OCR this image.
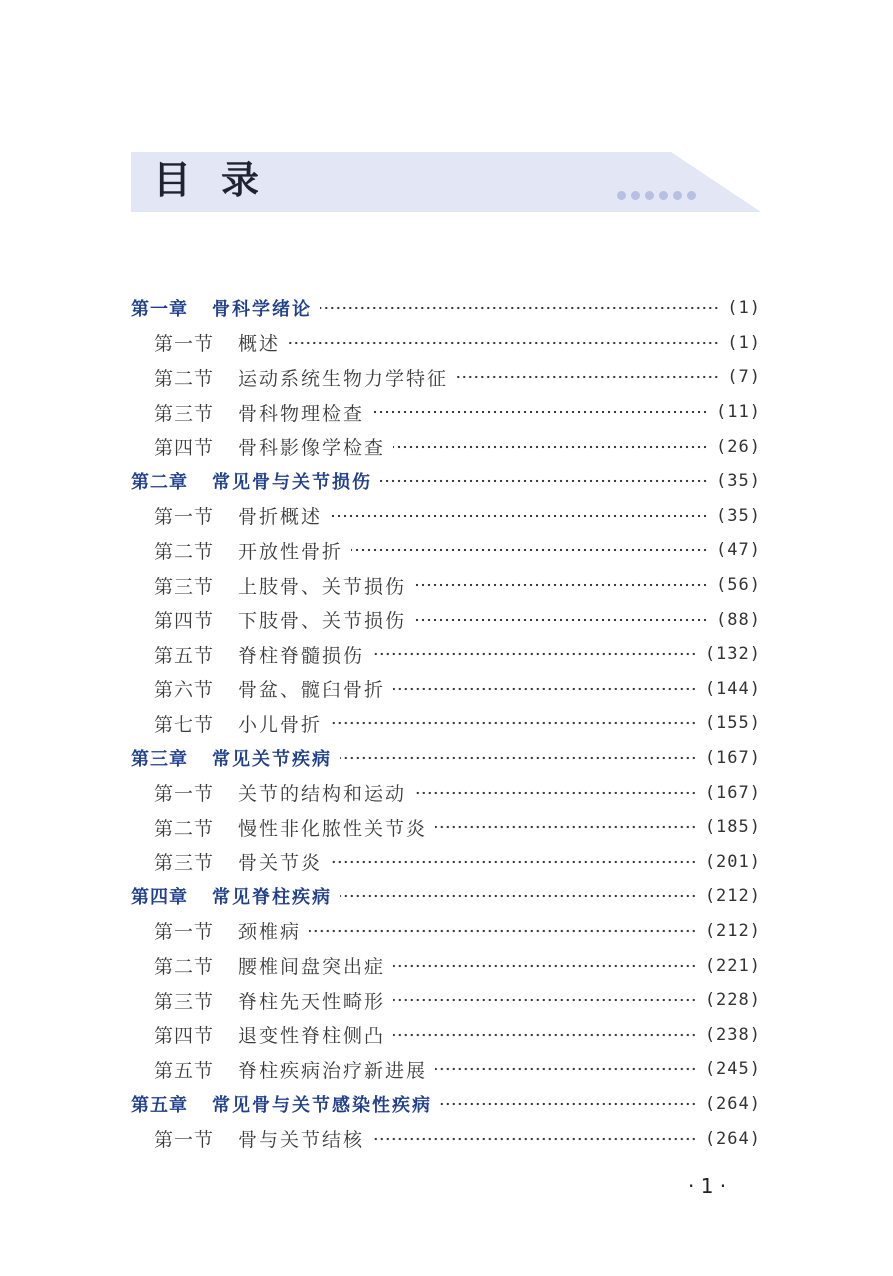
目录
第一章 骨科学绪论	(1)
第一节 概述	(1)
第二节 运动系统生物力学特征	(7)
第三节 骨科物理检查	(11)
第四节 骨科影像学检查	(26)
第二章 常见骨与关节损伤	(35)
第一节 骨折概述	(35)
第二节 开放性骨折	(47)
第三节 上肢骨、关节损伤	(56)
第四节 下肢骨、关节损伤	(88)
第五节 脊柱脊髓损伤	(132)
第六节 骨盆、髋臼骨折	(144)
第七节 小儿骨折	(155)
第三章 常见关节疾病	(167)
第一节 关节的结构和运动	(167)
第二节 慢性非化脓性关节炎	(185)
第三节 骨关节炎	(201)
第四章 常见脊柱疾病	(212)
第一节 颈椎病	(212)
第二节 腰椎间盘突出症	(221)
第三节 脊柱先天性畸形	(228)
第四节 退变性脊柱侧凸	(238)
第五节 脊柱疾病治疗新进展	(245)
第五章 常见骨与关节感染性疾病	(264)
第一节 骨与关节结核	(264)
· 1 ·
